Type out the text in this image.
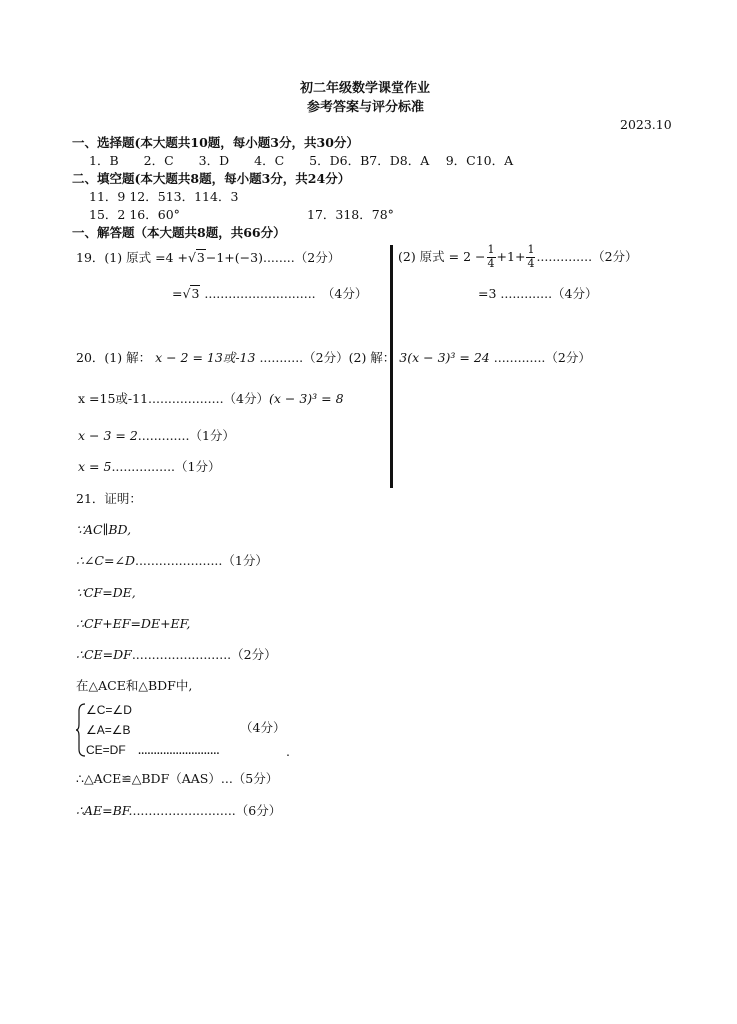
初二年级数学课堂作业
参考答案与评分标准
2023.10
一、选择题(本大题共10题，每小题3分，共30分）
1．B　　2．C　　3．D　　4．C　　5．D6．B7．D8．A　 9．C10．A
二、填空题(本大题共8题，每小题3分，共24分）
11．9 12．513．114．3
15．2 16．60°	17．318．78°
一、解答题（本大题共8题，共66分）
19．(1) 原式 =4 +√3−1+(−3)........（2分）
=√3 ............................　（4分）
(2) 原式 = $2 - \frac{1}{4} +1+ \frac{1}{4} ..............(2$分）
=3 .............（4分）
20．(1) 解： x − 2 = 13或-13 ...........（2分）(2) 解： 3(x − 3)³ = 24 .............（2分）
x =15或-11...................（4分）(x − 3)³ = 8
x − 3 = 2.............（1分）
x = 5................（1分）
21．证明：
∵AC∥BD,
∴∠C=∠D......................（1分）
∵CF=DE,
∴CF+EF=DE+EF,
∴CE=DF.........................（2分）
在△ACE和△BDF中,
∠C=∠D
∠A=∠B	（4分）
CE=DF ..........................	.
∴△ACE≌△BDF（AAS）...（5分）
∴AE=BF...........................（6分）
